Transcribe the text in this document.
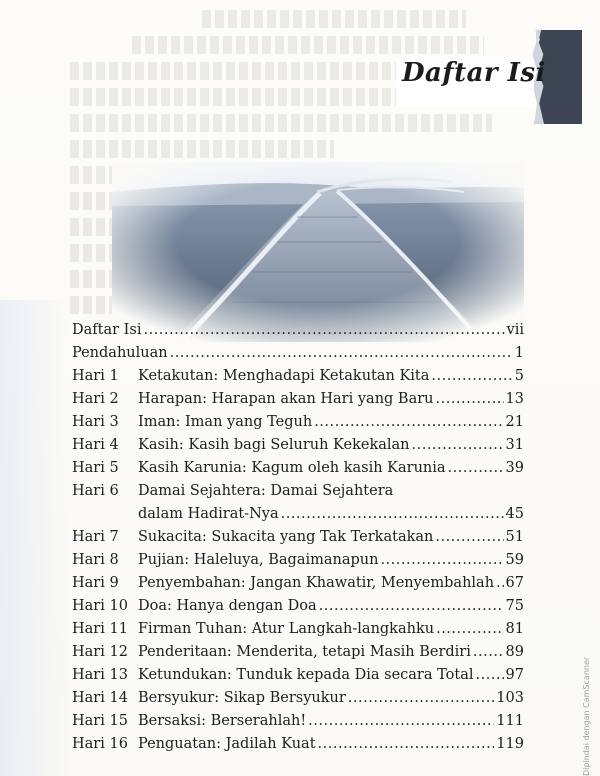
Daftar Isi
Daftar Isi .....	vii
Pendahuluan .....	1
Hari 1	Ketakutan: Menghadapi Ketakutan Kita .....	5
Hari 2	Harapan: Harapan akan Hari yang Baru .....	13
Hari 3	Iman: Iman yang Teguh .....	21
Hari 4	Kasih: Kasih bagi Seluruh Kekekalan .....	31
Hari 5	Kasih Karunia: Kagum oleh kasih Karunia .....	39
Hari 6	Damai Sejahtera: Damai Sejahtera
dalam Hadirat-Nya .....	45
Hari 7	Sukacita: Sukacita yang Tak Terkatakan .....	51
Hari 8	Pujian: Haleluya, Bagaimanapun .....	59
Hari 9	Penyembahan: Jangan Khawatir, Menyembahlah ..... 67
Hari 10 Doa: Hanya dengan Doa .....	75
Hari 11 Firman Tuhan: Atur Langkah-langkahku .....	81
Hari 12 Penderitaan: Menderita, tetapi Masih Berdiri ..... 89
Hari 13 Ketundukan: Tunduk kepada Dia secara Total ..... 97
Hari 14 Bersyukur: Sikap Bersyukur .....	103
Hari 15 Bersaksi: Berserahlah! .....	111
Hari 16 Penguatan: Jadilah Kuat .....	119	Dipindai dengan CamScanner
